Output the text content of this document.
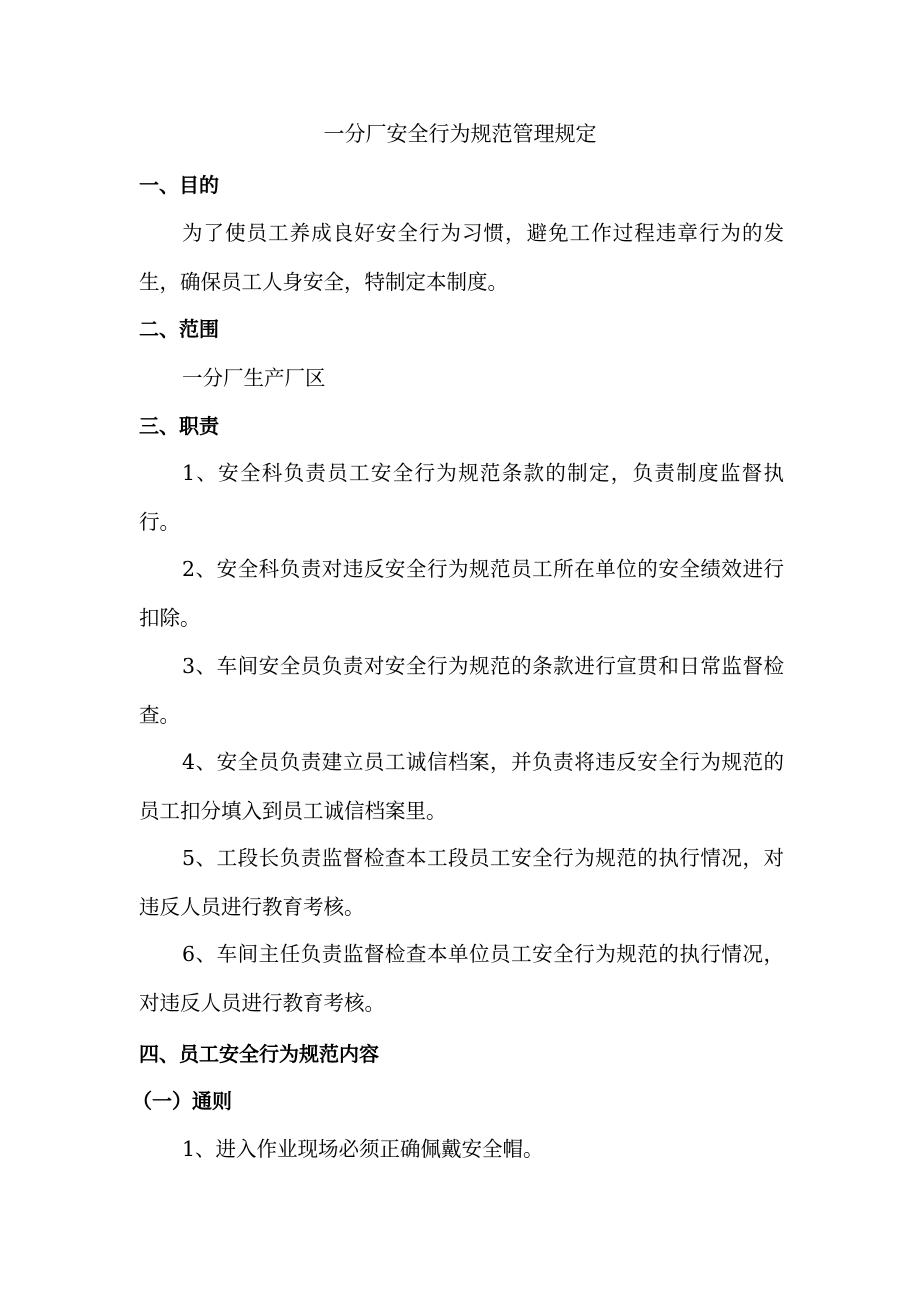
一分厂安全行为规范管理规定
一、目的
为了使员工养成良好安全行为习惯，避免工作过程违章行为的发生，确保员工人身安全，特制定本制度。
二、范围
一分厂生产厂区
三、职责
1、安全科负责员工安全行为规范条款的制定，负责制度监督执行。
2、安全科负责对违反安全行为规范员工所在单位的安全绩效进行扣除。
3、车间安全员负责对安全行为规范的条款进行宣贯和日常监督检查。
4、安全员负责建立员工诚信档案，并负责将违反安全行为规范的员工扣分填入到员工诚信档案里。
5、工段长负责监督检查本工段员工安全行为规范的执行情况，对违反人员进行教育考核。
6、车间主任负责监督检查本单位员工安全行为规范的执行情况，对违反人员进行教育考核。
四、员工安全行为规范内容
（一）通则
1、进入作业现场必须正确佩戴安全帽。
